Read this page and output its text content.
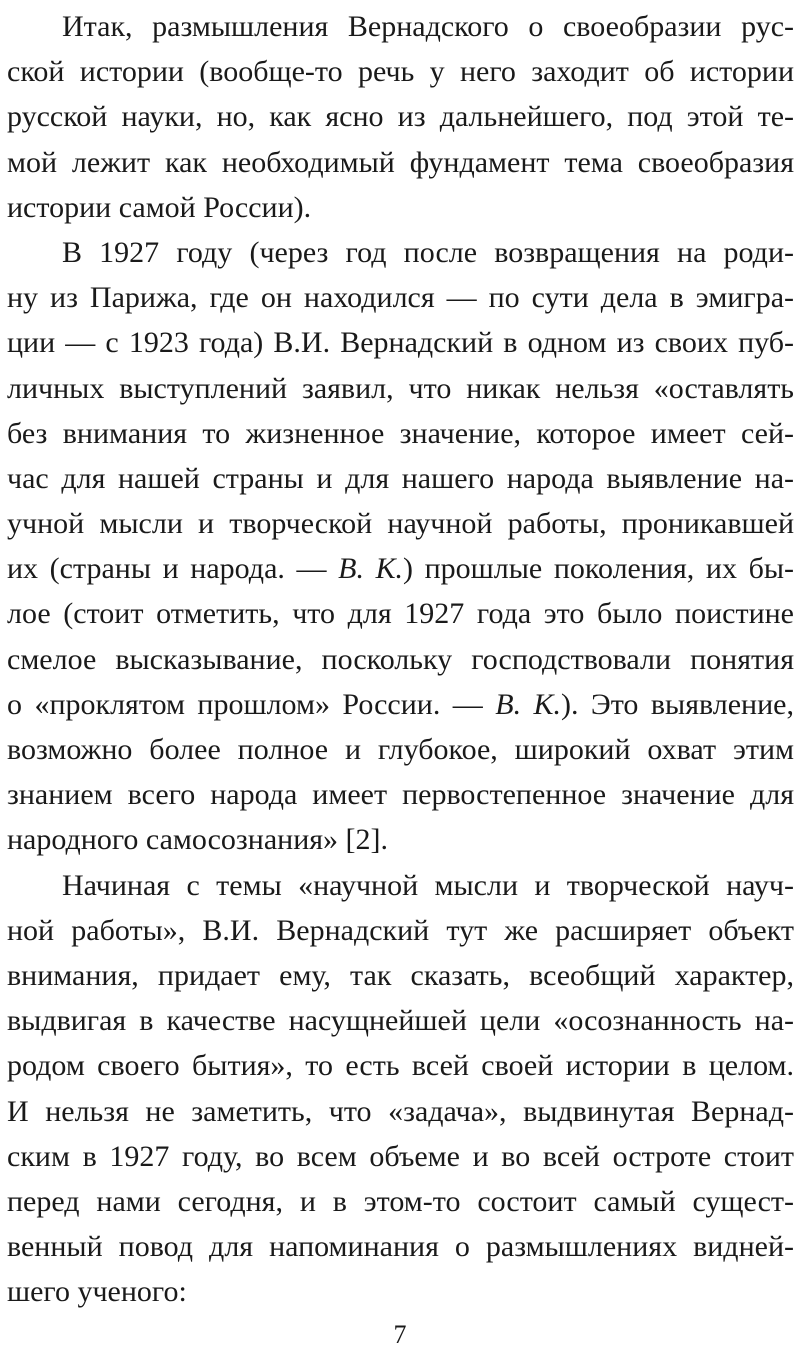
Итак, размышления Вернадского о своеобразии рус-
ской истории (вообще-то речь у него заходит об истории
русской науки, но, как ясно из дальнейшего, под этой те-
мой лежит как необходимый фундамент тема своеобразия
истории самой России).
В 1927 году (через год после возвращения на роди-
ну из Парижа, где он находился — по сути дела в эмигра-
ции — с 1923 года) В.И. Вернадский в одном из своих пуб-
личных выступлений заявил, что никак нельзя «оставлять
без внимания то жизненное значение, которое имеет сей-
час для нашей страны и для нашего народа выявление на-
учной мысли и творческой научной работы, проникавшей
их (страны и народа. — В. К.) прошлые поколения, их бы-
лое (стоит отметить, что для 1927 года это было поистине
смелое высказывание, поскольку господствовали понятия
о «проклятом прошлом» России. — В. К.). Это выявление,
возможно более полное и глубокое, широкий охват этим
знанием всего народа имеет первостепенное значение для
народного самосознания» [2].
Начиная с темы «научной мысли и творческой науч-
ной работы», В.И. Вернадский тут же расширяет объект
внимания, придает ему, так сказать, всеобщий характер,
выдвигая в качестве насущнейшей цели «осознанность на-
родом своего бытия», то есть всей своей истории в целом.
И нельзя не заметить, что «задача», выдвинутая Вернад-
ским в 1927 году, во всем объеме и во всей остроте стоит
перед нами сегодня, и в этом-то состоит самый сущест-
венный повод для напоминания о размышлениях видней-
шего ученого:
7
